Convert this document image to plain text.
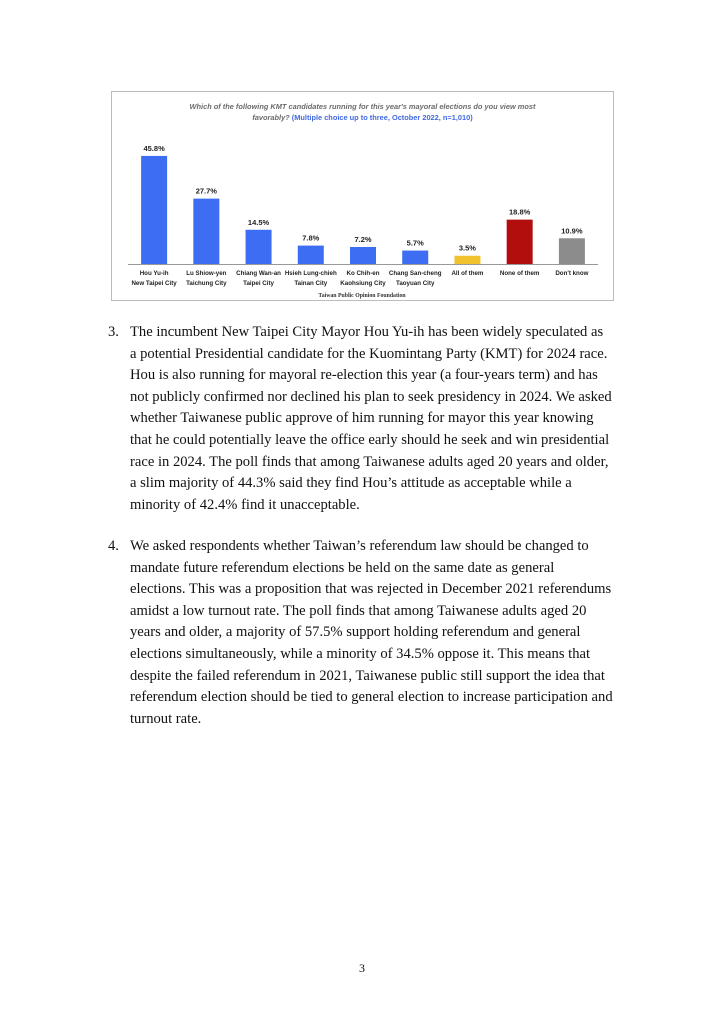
Which of the following KMT candidates running for this year's mayoral elections do you view most
favorably? (Multiple choice up to three, October 2022, n=1,010)
45.8%
Hou Yu-ih
New Taipei City
27.7%
Lu Shiow-yen
Taichung City
14.5%
Chiang Wan-an
Taipei City
7.8%
Hsieh Lung-chieh
Tainan City
7.2%
Ko Chih-en
Kaohsiung City
5.7%
Chang San-cheng
Taoyuan City
3.5%
All of them
18.8%
None of them
10.9%
Don't know
Taiwan Public Opinion Foundation
3. The incumbent New Taipei City Mayor Hou Yu-ih has been widely speculated as
a potential Presidential candidate for the Kuomintang Party (KMT) for 2024 race.
Hou is also running for mayoral re-election this year (a four-years term) and has
not publicly confirmed nor declined his plan to seek presidency in 2024. We asked
whether Taiwanese public approve of him running for mayor this year knowing
that he could potentially leave the office early should he seek and win presidential
race in 2024. The poll finds that among Taiwanese adults aged 20 years and older,
a slim majority of 44.3% said they find Hou’s attitude as acceptable while a
minority of 42.4% find it unacceptable.
4. We asked respondents whether Taiwan’s referendum law should be changed to
mandate future referendum elections be held on the same date as general
elections. This was a proposition that was rejected in December 2021 referendums
amidst a low turnout rate. The poll finds that among Taiwanese adults aged 20
years and older, a majority of 57.5% support holding referendum and general
elections simultaneously, while a minority of 34.5% oppose it. This means that
despite the failed referendum in 2021, Taiwanese public still support the idea that
referendum election should be tied to general election to increase participation and
turnout rate.
3
